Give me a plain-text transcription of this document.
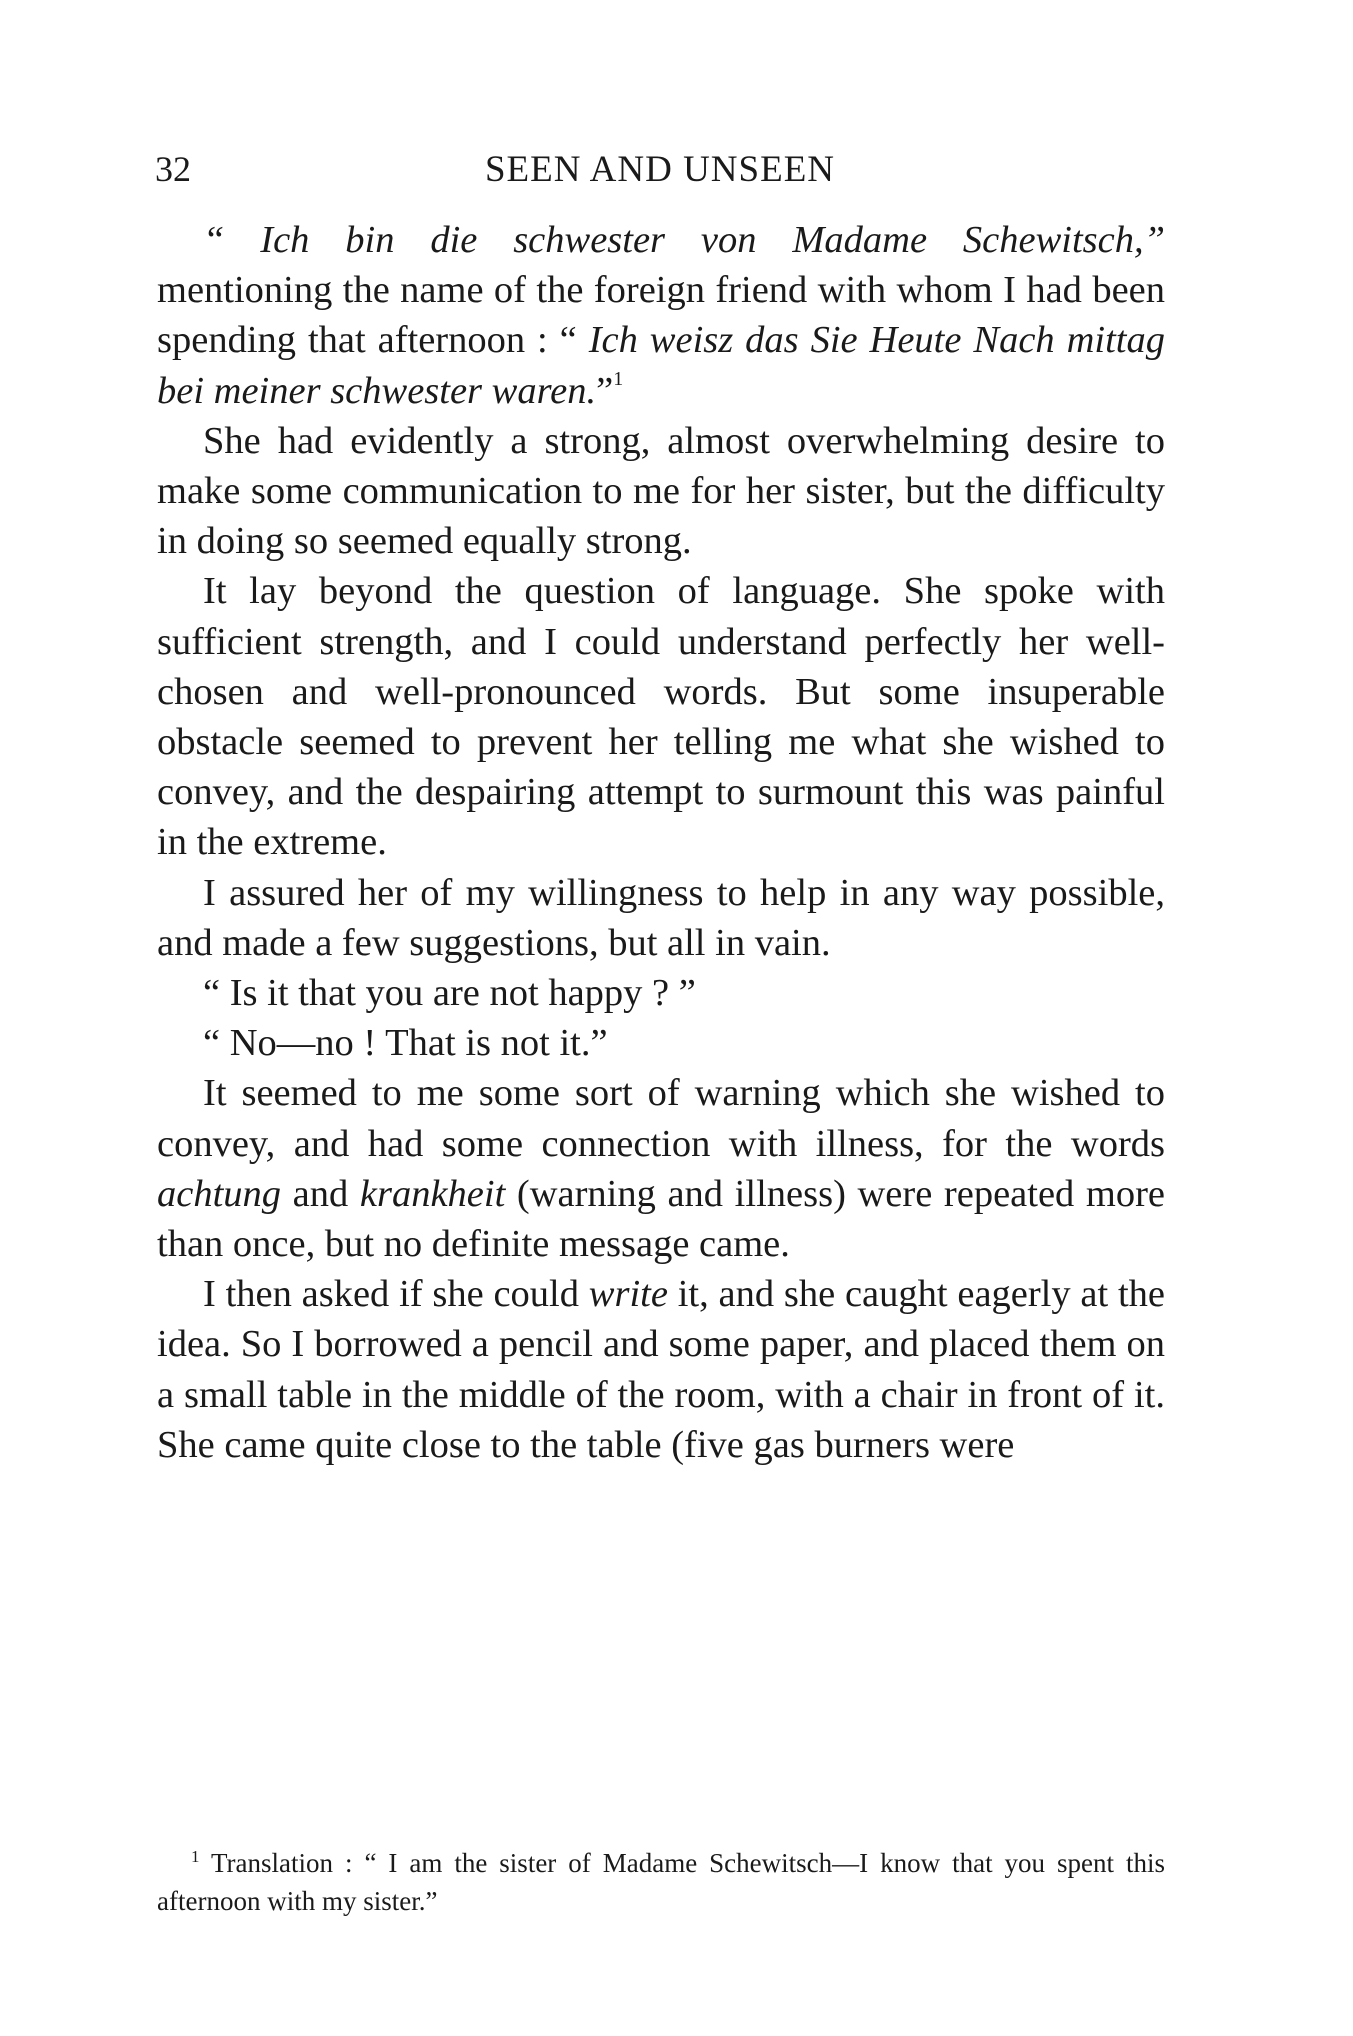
32	SEEN AND UNSEEN

“ Ich bin die schwester von Madame Schewitsch,” mentioning the name of the foreign friend with whom I had been spending that afternoon : “ Ich weisz das Sie Heute Nach mittag bei meiner schwester waren.”$^1$

She had evidently a strong, almost overwhelming desire to make some communication to me for her sister, but the difficulty in doing so seemed equally strong.

It lay beyond the question of language. She spoke with sufficient strength, and I could understand perfectly her well-chosen and well-pronounced words. But some insuperable obstacle seemed to prevent her telling me what she wished to convey, and the despairing attempt to surmount this was painful in the extreme.

I assured her of my willingness to help in any way possible, and made a few suggestions, but all in vain.

“ Is it that you are not happy ? ”

“ No—no ! That is not it.”

It seemed to me some sort of warning which she wished to convey, and had some connection with illness, for the words achtung and krankheit (warning and illness) were repeated more than once, but no definite message came.

I then asked if she could write it, and she caught eagerly at the idea. So I borrowed a pencil and some paper, and placed them on a small table in the middle of the room, with a chair in front of it. She came quite close to the table (five gas burners were

$^1$ Translation : “ I am the sister of Madame Schewitsch—I know that you spent this afternoon with my sister.”
